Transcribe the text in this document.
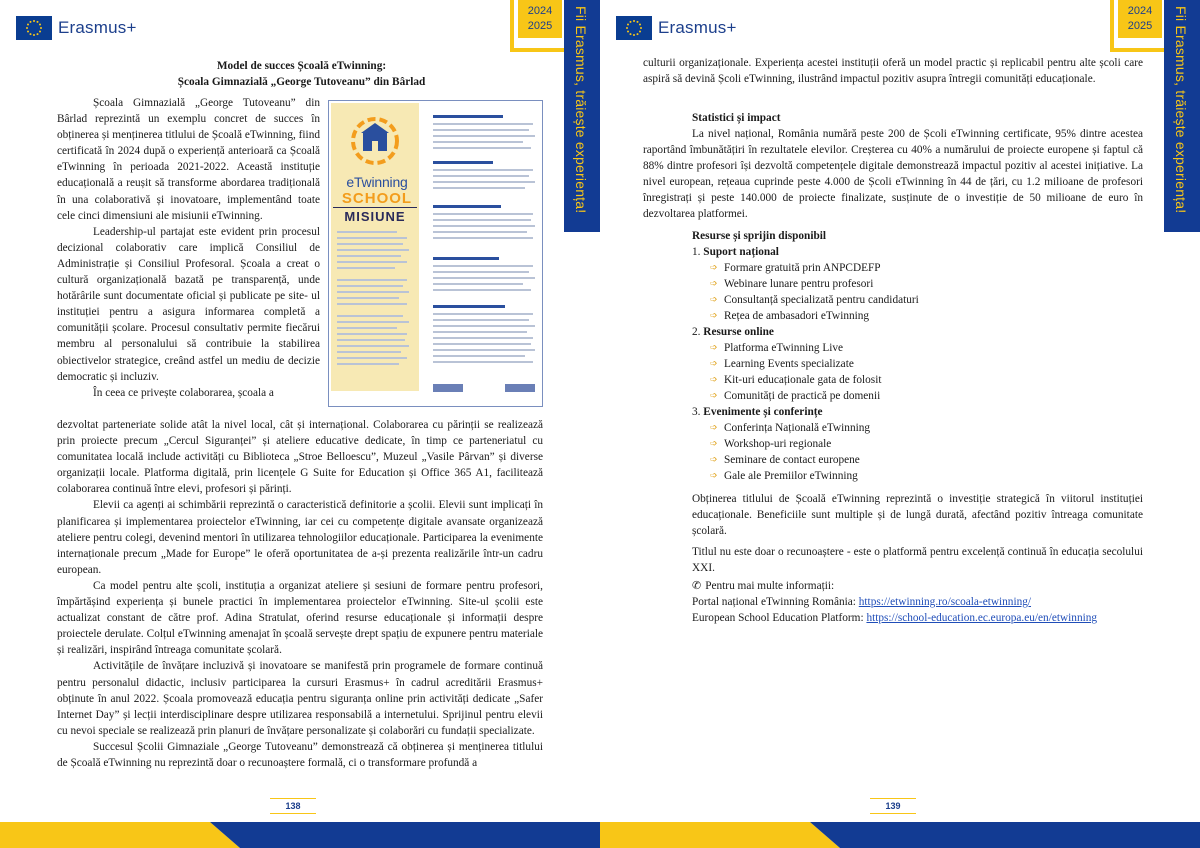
Erasmus+
2024
2025	Fii Erasmus, trăiește experiența!
Model de succes Școală eTwinning:
Școala Gimnazială „George Tutoveanu” din Bârlad

Școala Gimnazială „George Tutoveanu” din Bârlad reprezintă un exemplu concret de succes în obținerea și menținerea titlului de Școală eTwinning, fiind certificată în 2024 după o experiență anterioară ca Școală eTwinning în perioada 2021-2022. Această instituție educațională a reușit să transforme abordarea tradițională în una colaborativă și inovatoare, implementând toate cele cinci dimensiuni ale misiunii eTwinning.

Leadership-ul partajat este evident prin procesul decizional colaborativ care implică Consiliul de Administrație și Consiliul Profesoral. Școala a creat o cultură organizațională bazată pe transparență, unde hotărârile sunt documentate oficial și publicate pe site- ul instituției pentru a asigura informarea completă a comunității școlare. Procesul consultativ permite fiecărui membru al personalului să contribuie la stabilirea obiectivelor strategice, creând astfel un mediu de decizie democratic și incluziv.

În ceea ce privește colaborarea, școala a
eTwinning
SCHOOL
MISIUNE
dezvoltat parteneriate solide atât la nivel local, cât și internațional. Colaborarea cu părinții se realizează prin proiecte precum „Cercul Siguranței” și ateliere educative dedicate, în timp ce parteneriatul cu comunitatea locală include activități cu Biblioteca „Stroe Belloescu”, Muzeul „Vasile Pârvan” și diverse organizații locale. Platforma digitală, prin licențele G Suite for Education și Office 365 A1, facilitează colaborarea continuă între elevi, profesori și părinți.

Elevii ca agenți ai schimbării reprezintă o caracteristică definitorie a școlii. Elevii sunt implicați în planificarea și implementarea proiectelor eTwinning, iar cei cu competențe digitale avansate organizează ateliere pentru colegi, devenind mentori în utilizarea tehnologiilor educaționale. Participarea la evenimente internaționale precum „Made for Europe” le oferă oportunitatea de a-și prezenta realizările într-un cadru european.

Ca model pentru alte școli, instituția a organizat ateliere și sesiuni de formare pentru profesori, împărtășind experiența și bunele practici în implementarea proiectelor eTwinning. Site-ul școlii este actualizat constant de către prof. Adina Stratulat, oferind resurse educaționale și informații despre proiectele derulate. Colțul eTwinning amenajat în școală servește drept spațiu de expunere pentru materiale și realizări, inspirând întreaga comunitate școlară.

Activitățile de învățare incluzivă și inovatoare se manifestă prin programele de formare continuă pentru personalul didactic, inclusiv participarea la cursuri Erasmus+ în cadrul acreditării Erasmus+ obținute în anul 2022. Școala promovează educația pentru siguranța online prin activități dedicate „Safer Internet Day” și lecții interdisciplinare despre utilizarea responsabilă a internetului. Sprijinul pentru elevii cu nevoi speciale se realizează prin planuri de învățare personalizate și colaborări cu fundații specializate.

Succesul Școlii Gimnaziale „George Tutoveanu” demonstrează că obținerea și menținerea titlului de Școală eTwinning nu reprezintă doar o recunoaștere formală, ci o transformare profundă a

138
Erasmus+
2024
2025	Fii Erasmus, trăiește experiența!
culturii organizaționale. Experiența acestei instituții oferă un model practic și replicabil pentru alte școli care aspiră să devină Școli eTwinning, ilustrând impactul pozitiv asupra întregii comunități educaționale.
Statistici și impact

La nivel național, România numără peste 200 de Școli eTwinning certificate, 95% dintre acestea raportând îmbunătățiri în rezultatele elevilor. Creșterea cu 40% a numărului de proiecte europene și faptul că 88% dintre profesori își dezvoltă competențele digitale demonstrează impactul pozitiv al acestei inițiative. La nivel european, rețeaua cuprinde peste 4.000 de Școli eTwinning în 44 de țări, cu 1.2 milioane de profesori înregistrați și peste 140.000 de proiecte finalizate, susținute de o investiție de 50 milioane de euro în dezvoltarea platformei.

Resurse și sprijin disponibil
1. Suport național
➩ Formare gratuită prin ANPCDEFP
➩ Webinare lunare pentru profesori
➩ Consultanță specializată pentru candidaturi
➩ Rețea de ambasadori eTwinning
2. Resurse online
➩ Platforma eTwinning Live
➩ Learning Events specializate
➩ Kit-uri educaționale gata de folosit
➩ Comunități de practică pe domenii
3. Evenimente și conferințe
➩ Conferința Națională eTwinning
➩ Workshop-uri regionale
➩ Seminare de contact europene
➩ Gale ale Premiilor eTwinning
Obținerea titlului de Școală eTwinning reprezintă o investiție strategică în viitorul instituției educaționale. Beneficiile sunt multiple și de lungă durată, afectând pozitiv întreaga comunitate școlară.
Titlul nu este doar o recunoaștere - este o platformă pentru excelență continuă în educația secolului XXI.
✆ Pentru mai multe informații:
Portal național eTwinning România: https://etwinning.ro/scoala-etwinning/
European School Education Platform: https://school-education.ec.europa.eu/en/etwinning
139
